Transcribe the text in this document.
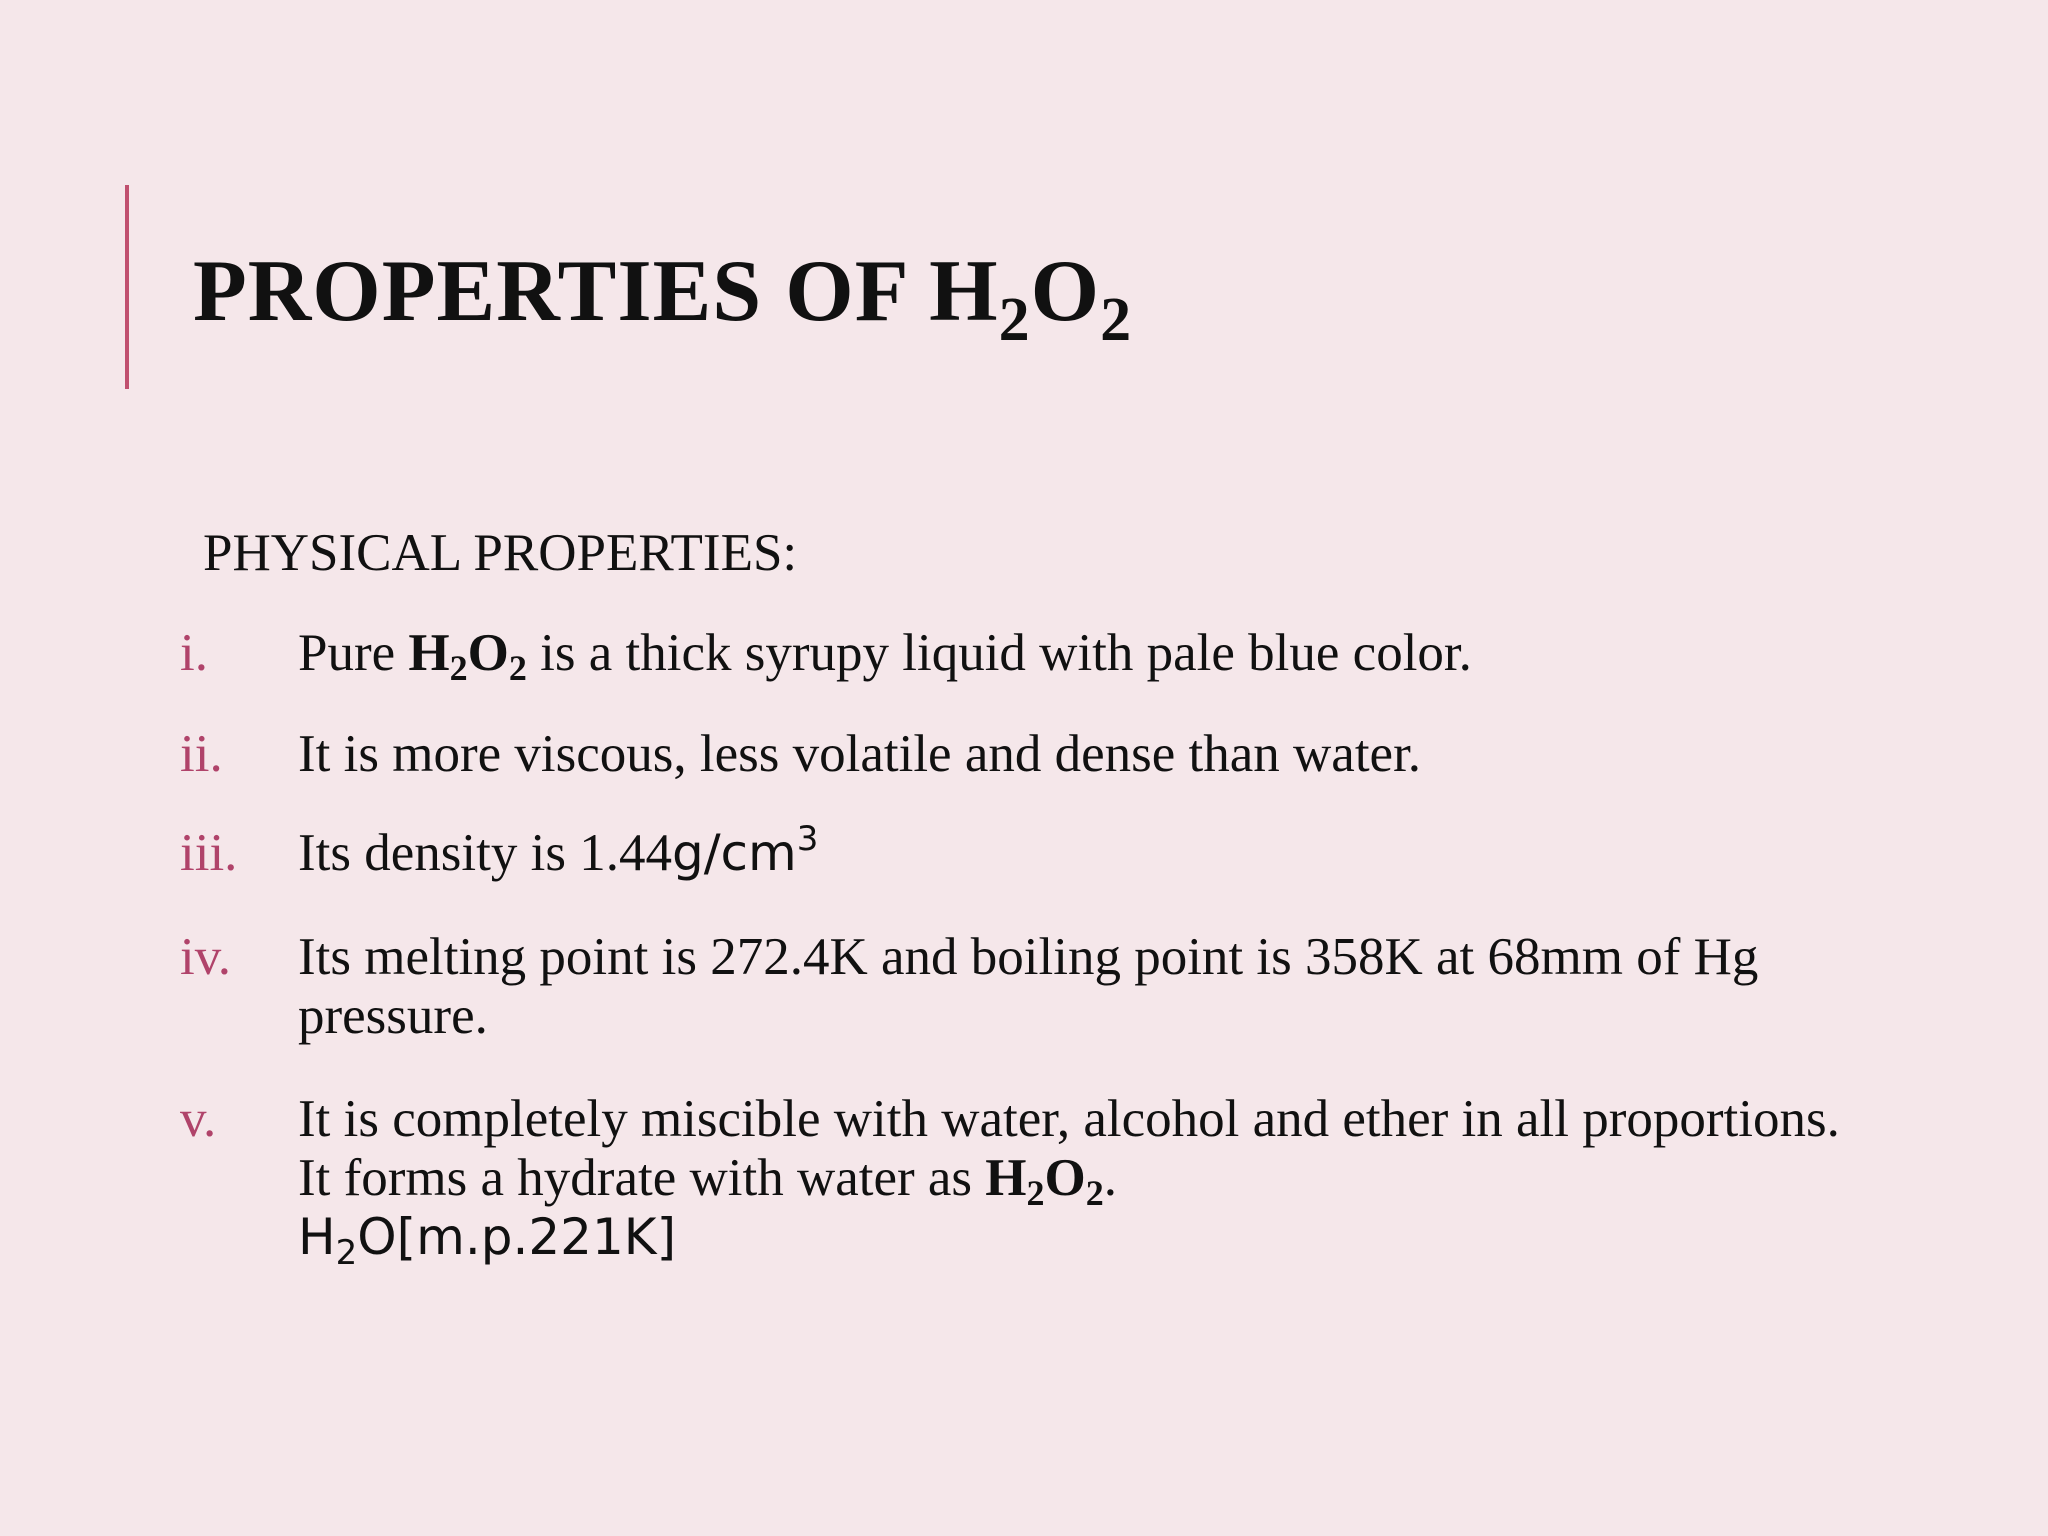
PROPERTIES OF $H_2O_2$
PHYSICAL PROPERTIES:
i. Pure $H_2O_2$ is a thick syrupy liquid with pale blue color.
ii. It is more viscous, less volatile and dense than water.
iii. Its density is $1.44g/cm^3$
iv. Its melting point is 272.4K and boiling point is 358K at 68mm of Hg pressure.
v. It is completely miscible with water, alcohol and ether in all proportions. It forms a hydrate with water as $H_2O_2$.
$H_2O[m.p.221K]$
